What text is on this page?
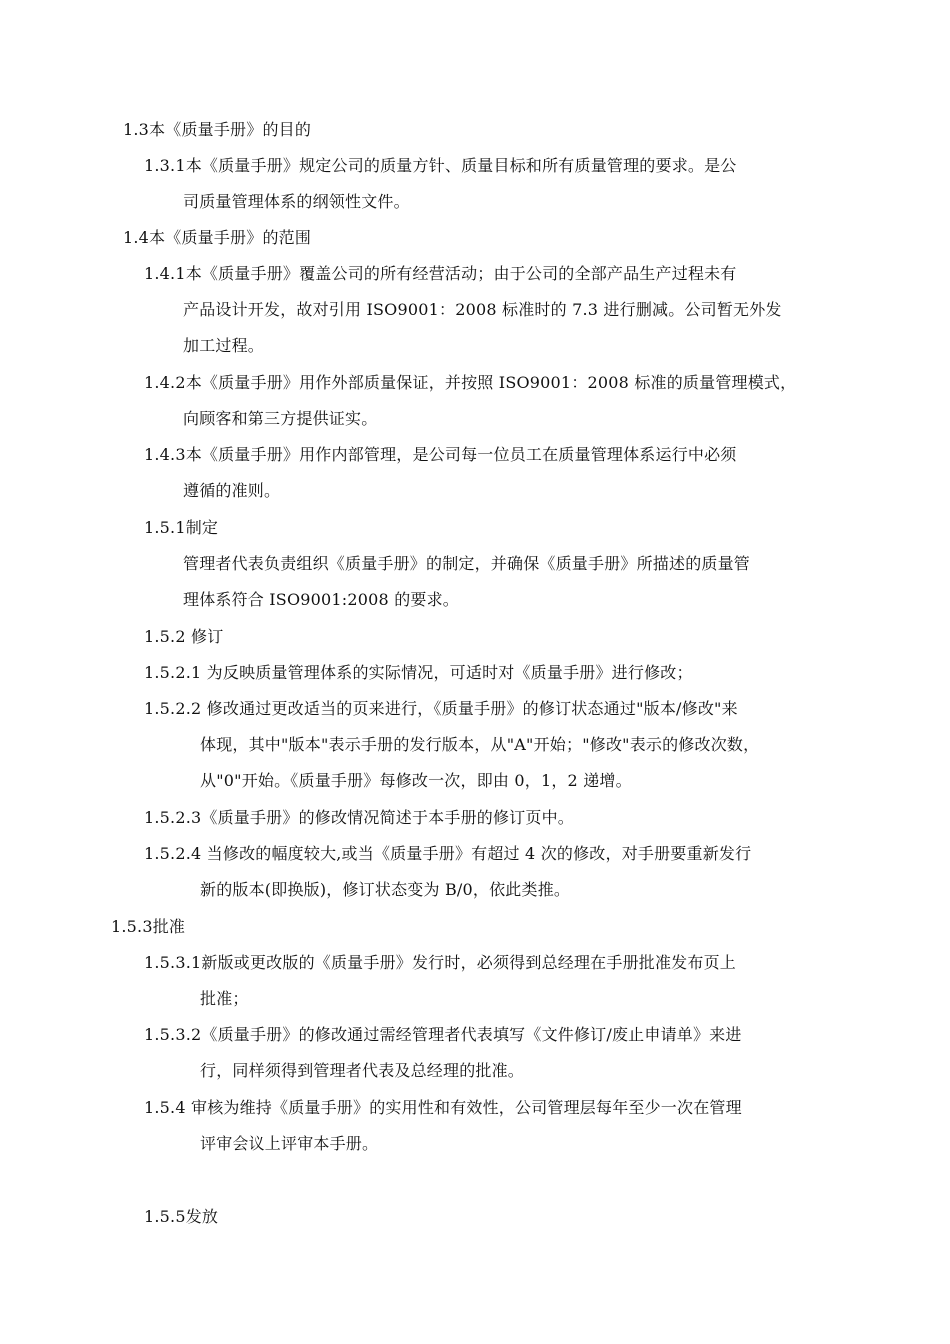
1.3本《质量手册》的目的
1.3.1本《质量手册》规定公司的质量方针、质量目标和所有质量管理的要求。是公
司质量管理体系的纲领性文件。
1.4本《质量手册》的范围
1.4.1本《质量手册》覆盖公司的所有经营活动；由于公司的全部产品生产过程未有
产品设计开发，故对引用 ISO9001：2008 标准时的 7.3 进行删减。公司暂无外发
加工过程。
1.4.2本《质量手册》用作外部质量保证，并按照 ISO9001：2008 标准的质量管理模式，
向顾客和第三方提供证实。
1.4.3本《质量手册》用作内部管理，是公司每一位员工在质量管理体系运行中必须
遵循的准则。
1.5.1制定
管理者代表负责组织《质量手册》的制定，并确保《质量手册》所描述的质量管
理体系符合 ISO9001:2008 的要求。
1.5.2 修订
1.5.2.1 为反映质量管理体系的实际情况，可适时对《质量手册》进行修改；
1.5.2.2 修改通过更改适当的页来进行，《质量手册》的修订状态通过"版本/修改"来
体现，其中"版本"表示手册的发行版本，从"A"开始；"修改"表示的修改次数，
从"0"开始。《质量手册》每修改一次，即由 0，1，2 递增。
1.5.2.3《质量手册》的修改情况简述于本手册的修订页中。
1.5.2.4 当修改的幅度较大,或当《质量手册》有超过 4 次的修改，对手册要重新发行
新的版本(即换版)，修订状态变为 B/0，依此类推。
1.5.3批准
1.5.3.1新版或更改版的《质量手册》发行时，必须得到总经理在手册批准发布页上
批准；
1.5.3.2《质量手册》的修改通过需经管理者代表填写《文件修订/废止申请单》来进
行，同样须得到管理者代表及总经理的批准。
1.5.4 审核为维持《质量手册》的实用性和有效性，公司管理层每年至少一次在管理
评审会议上评审本手册。
1.5.5发放
